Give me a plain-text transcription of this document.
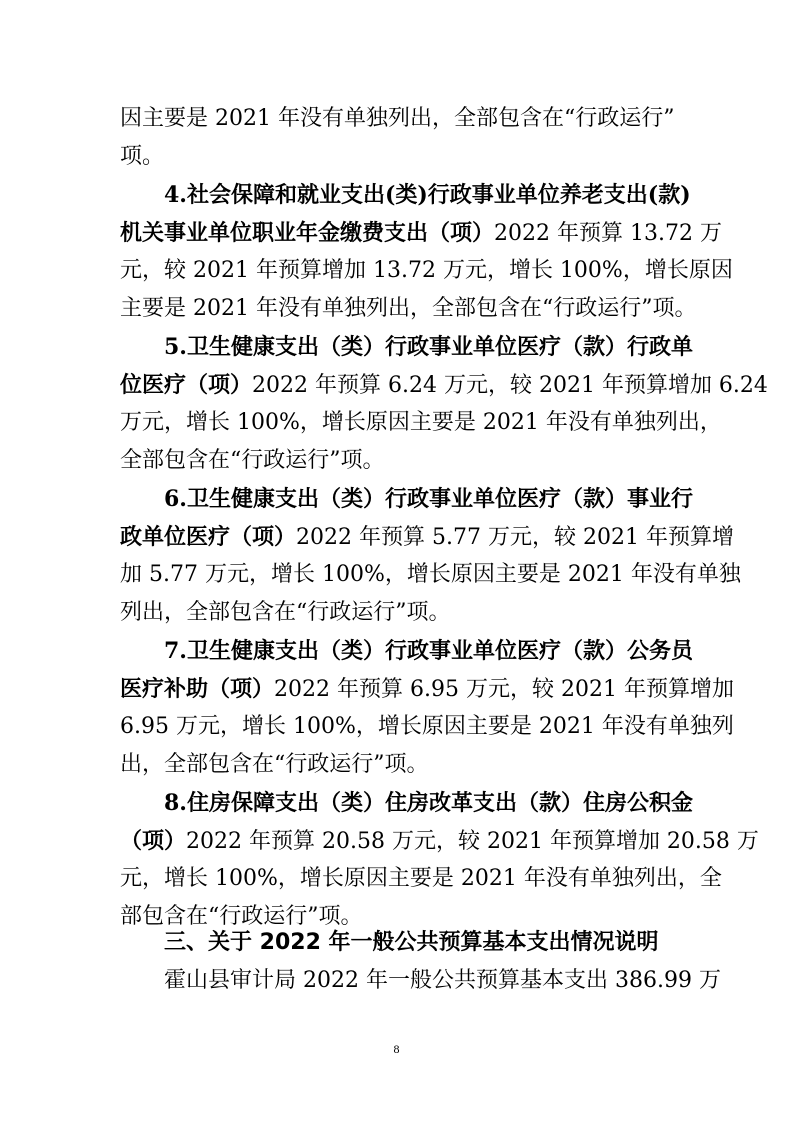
因主要是 2021 年没有单独列出，全部包含在“行政运行”
项。
4.社会保障和就业支出(类)行政事业单位养老支出(款)
机关事业单位职业年金缴费支出（项）2022 年预算 13.72 万
元，较 2021 年预算增加 13.72 万元，增长 100%，增长原因
主要是 2021 年没有单独列出，全部包含在“行政运行”项。
5.卫生健康支出（类）行政事业单位医疗（款）行政单
位医疗（项）2022 年预算 6.24 万元，较 2021 年预算增加 6.24
万元，增长 100%，增长原因主要是 2021 年没有单独列出，
全部包含在“行政运行”项。
6.卫生健康支出（类）行政事业单位医疗（款）事业行
政单位医疗（项）2022 年预算 5.77 万元，较 2021 年预算增
加 5.77 万元，增长 100%，增长原因主要是 2021 年没有单独
列出，全部包含在“行政运行”项。
7.卫生健康支出（类）行政事业单位医疗（款）公务员
医疗补助（项）2022 年预算 6.95 万元，较 2021 年预算增加
6.95 万元，增长 100%，增长原因主要是 2021 年没有单独列
出，全部包含在“行政运行”项。
8.住房保障支出（类）住房改革支出（款）住房公积金
（项）2022 年预算 20.58 万元，较 2021 年预算增加 20.58 万
元，增长 100%，增长原因主要是 2021 年没有单独列出，全
部包含在“行政运行”项。
三、关于 2022 年一般公共预算基本支出情况说明
霍山县审计局 2022 年一般公共预算基本支出 386.99 万
8
